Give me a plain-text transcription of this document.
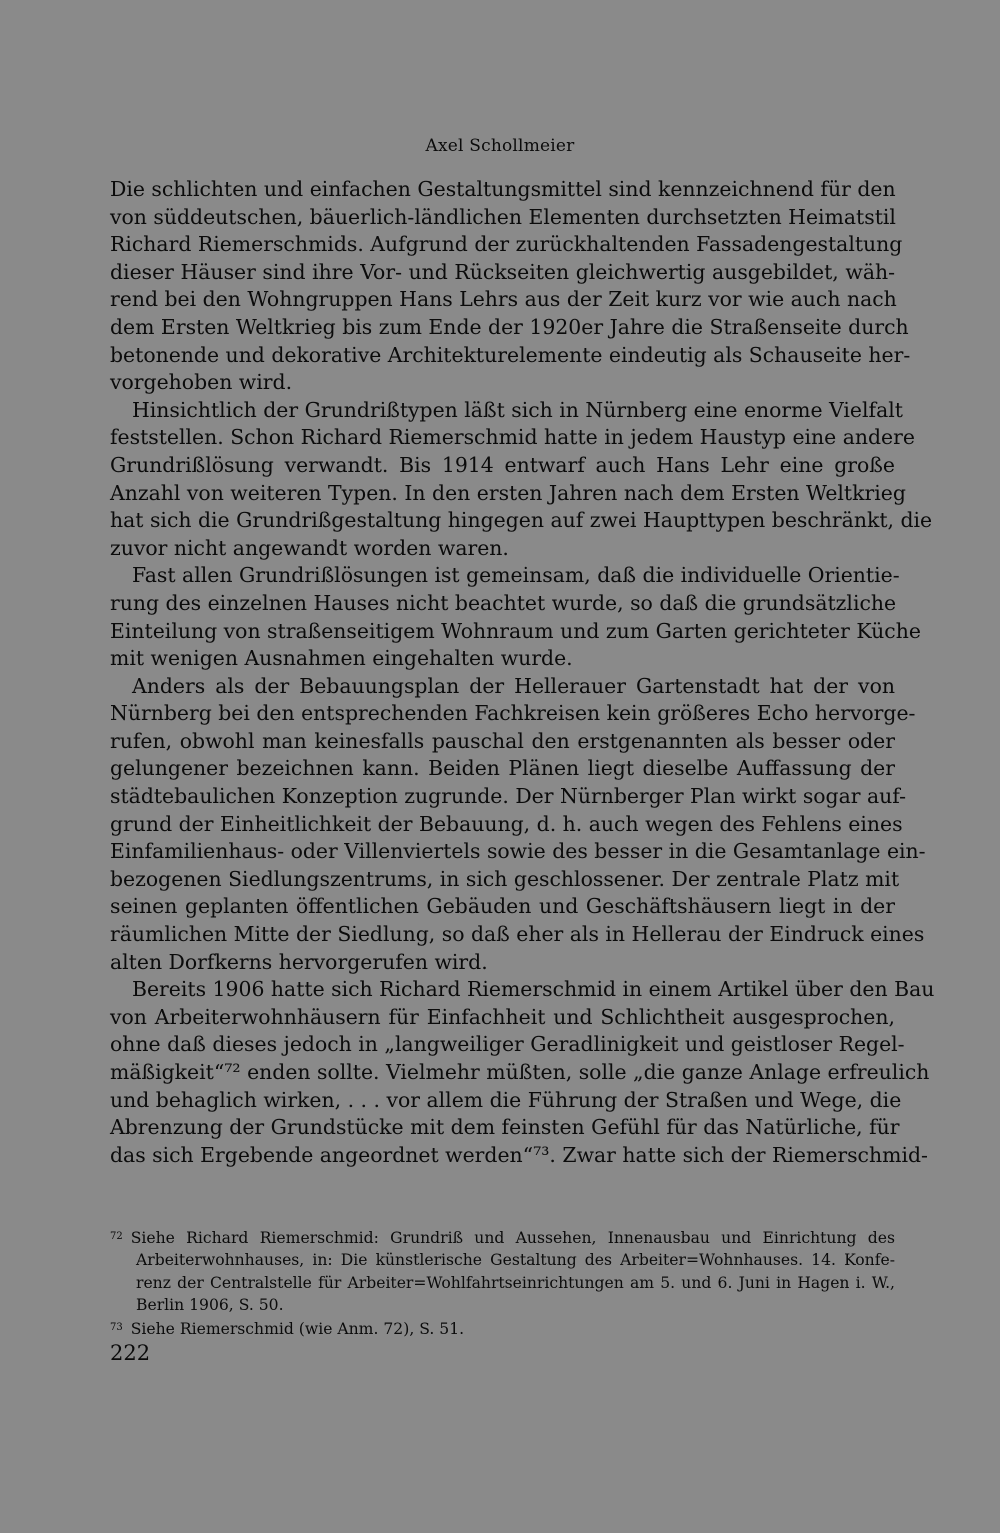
Axel Schollmeier
Die schlichten und einfachen Gestaltungsmittel sind kennzeichnend für den
von süddeutschen, bäuerlich-ländlichen Elementen durchsetzten Heimatstil
Richard Riemerschmids. Aufgrund der zurückhaltenden Fassadengestaltung
dieser Häuser sind ihre Vor- und Rückseiten gleichwertig ausgebildet, wäh-
rend bei den Wohngruppen Hans Lehrs aus der Zeit kurz vor wie auch nach
dem Ersten Weltkrieg bis zum Ende der 1920er Jahre die Straßenseite durch
betonende und dekorative Architekturelemente eindeutig als Schauseite her-
vorgehoben wird.
Hinsichtlich der Grundrißtypen läßt sich in Nürnberg eine enorme Vielfalt
feststellen. Schon Richard Riemerschmid hatte in jedem Haustyp eine andere
Grundrißlösung verwandt. Bis 1914 entwarf auch Hans Lehr eine große
Anzahl von weiteren Typen. In den ersten Jahren nach dem Ersten Weltkrieg
hat sich die Grundrißgestaltung hingegen auf zwei Haupttypen beschränkt, die
zuvor nicht angewandt worden waren.
Fast allen Grundrißlösungen ist gemeinsam, daß die individuelle Orientie-
rung des einzelnen Hauses nicht beachtet wurde, so daß die grundsätzliche
Einteilung von straßenseitigem Wohnraum und zum Garten gerichteter Küche
mit wenigen Ausnahmen eingehalten wurde.
Anders als der Bebauungsplan der Hellerauer Gartenstadt hat der von
Nürnberg bei den entsprechenden Fachkreisen kein größeres Echo hervorge-
rufen, obwohl man keinesfalls pauschal den erstgenannten als besser oder
gelungener bezeichnen kann. Beiden Plänen liegt dieselbe Auffassung der
städtebaulichen Konzeption zugrunde. Der Nürnberger Plan wirkt sogar auf-
grund der Einheitlichkeit der Bebauung, d. h. auch wegen des Fehlens eines
Einfamilienhaus- oder Villenviertels sowie des besser in die Gesamtanlage ein-
bezogenen Siedlungszentrums, in sich geschlossener. Der zentrale Platz mit
seinen geplanten öffentlichen Gebäuden und Geschäftshäusern liegt in der
räumlichen Mitte der Siedlung, so daß eher als in Hellerau der Eindruck eines
alten Dorfkerns hervorgerufen wird.
Bereits 1906 hatte sich Richard Riemerschmid in einem Artikel über den Bau
von Arbeiterwohnhäusern für Einfachheit und Schlichtheit ausgesprochen,
ohne daß dieses jedoch in „langweiliger Geradlinigkeit und geistloser Regel-
mäßigkeit“⁷² enden sollte. Vielmehr müßten, solle „die ganze Anlage erfreulich
und behaglich wirken, . . . vor allem die Führung der Straßen und Wege, die
Abrenzung der Grundstücke mit dem feinsten Gefühl für das Natürliche, für
das sich Ergebende angeordnet werden“⁷³. Zwar hatte sich der Riemerschmid-
$^{72}$ Siehe Richard Riemerschmid: Grundriß und Aussehen, Innenausbau und Einrichtung des
Arbeiterwohnhauses, in: Die künstlerische Gestaltung des Arbeiter=Wohnhauses. 14. Konfe-
renz der Centralstelle für Arbeiter=Wohlfahrtseinrichtungen am 5. und 6. Juni in Hagen i. W.,
Berlin 1906, S. 50.
$^{73}$ Siehe Riemerschmid (wie Anm. 72), S. 51.
222
